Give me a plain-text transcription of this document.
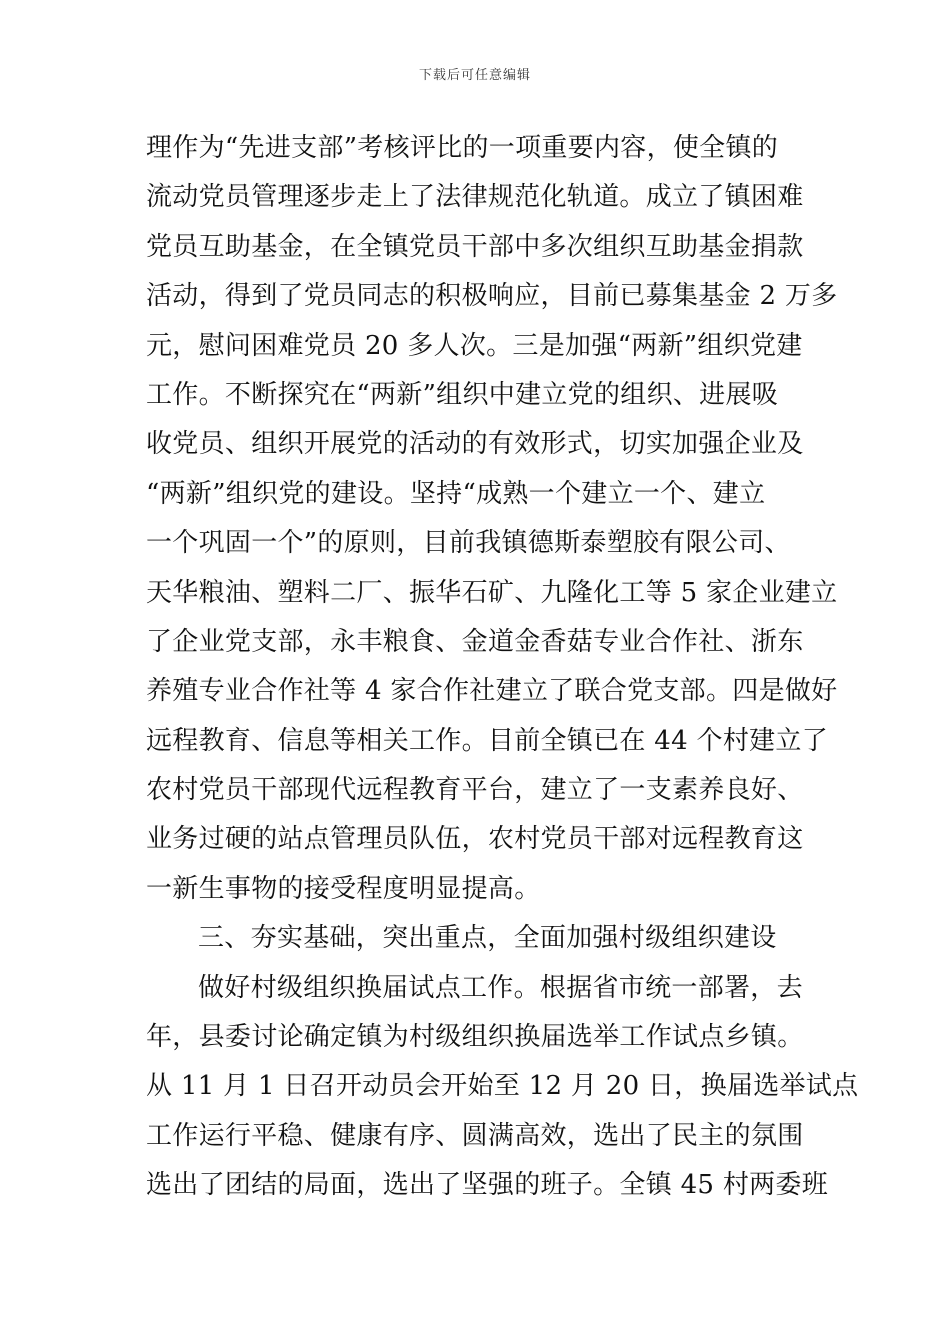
下载后可任意编辑
理作为“先进支部”考核评比的一项重要内容，使全镇的
流动党员管理逐步走上了法律规范化轨道。成立了镇困难
党员互助基金，在全镇党员干部中多次组织互助基金捐款
活动，得到了党员同志的积极响应，目前已募集基金 2 万多
元，慰问困难党员 20 多人次。三是加强“两新”组织党建
工作。不断探究在“两新”组织中建立党的组织、进展吸
收党员、组织开展党的活动的有效形式，切实加强企业及
“两新”组织党的建设。坚持“成熟一个建立一个、建立
一个巩固一个”的原则，目前我镇德斯泰塑胶有限公司、
天华粮油、塑料二厂、振华石矿、九隆化工等 5 家企业建立
了企业党支部，永丰粮食、金道金香菇专业合作社、浙东
养殖专业合作社等 4 家合作社建立了联合党支部。四是做好
远程教育、信息等相关工作。目前全镇已在 44 个村建立了
农村党员干部现代远程教育平台，建立了一支素养良好、
业务过硬的站点管理员队伍，农村党员干部对远程教育这
一新生事物的接受程度明显提高。
三、夯实基础，突出重点，全面加强村级组织建设
做好村级组织换届试点工作。根据省市统一部署，去
年，县委讨论确定镇为村级组织换届选举工作试点乡镇。
从 11 月 1 日召开动员会开始至 12 月 20 日，换届选举试点
工作运行平稳、健康有序、圆满高效，选出了民主的氛围
选出了团结的局面，选出了坚强的班子。全镇 45 村两委班
